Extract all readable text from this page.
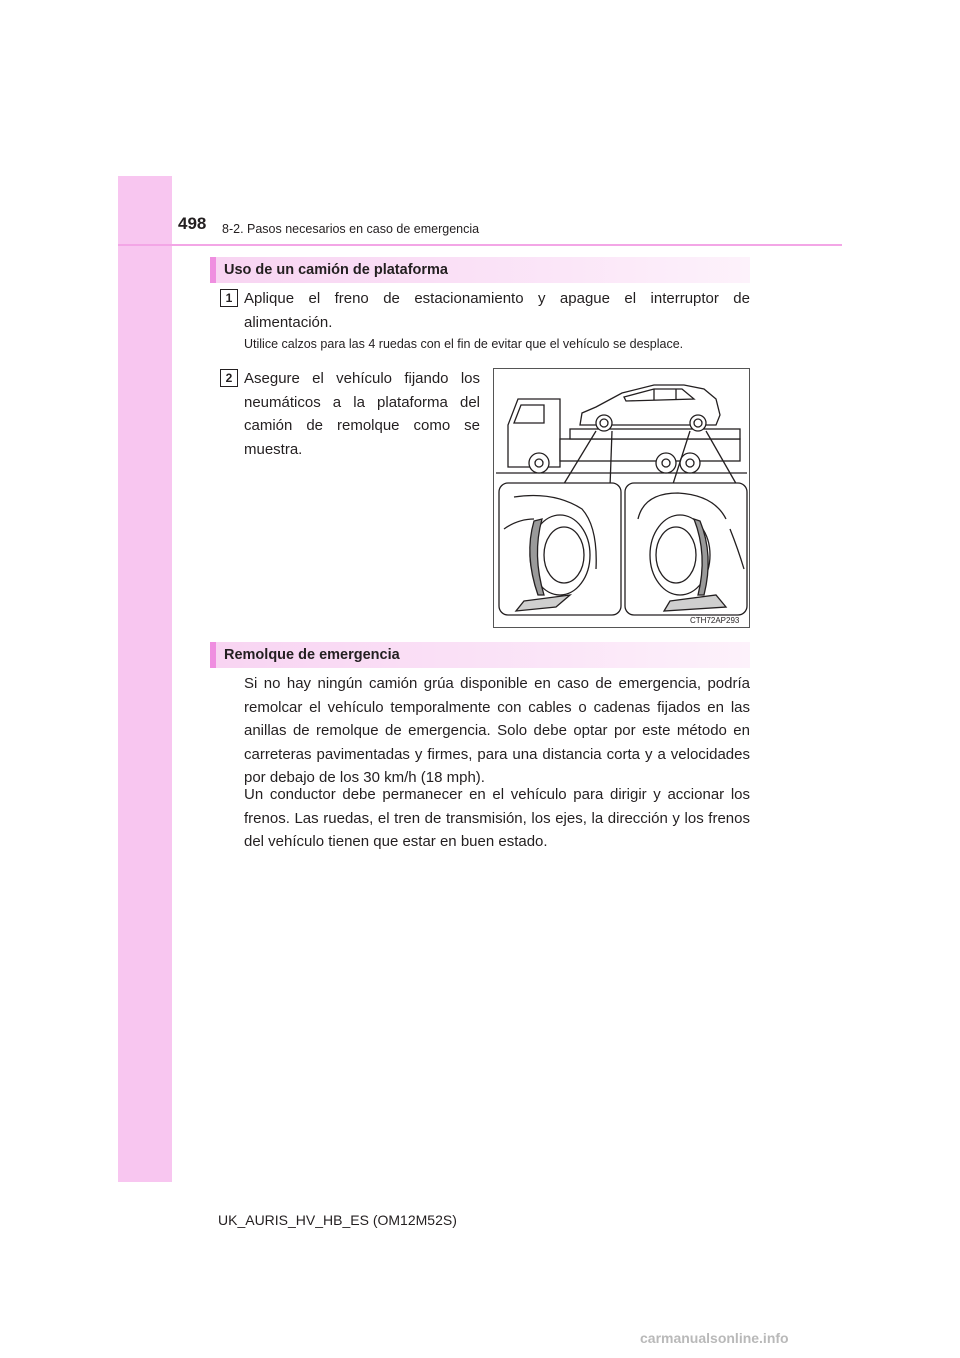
498 8-2. Pasos necesarios en caso de emergencia
Uso de un camión de plataforma
1 Aplique el freno de estacionamiento y apague el interruptor de alimentación.
Utilice calzos para las 4 ruedas con el fin de evitar que el vehículo se desplace.
2 Asegure el vehículo fijando los neumáticos a la plataforma del camión de remolque como se muestra.
CTH72AP293
Remolque de emergencia
Si no hay ningún camión grúa disponible en caso de emergencia, podría remolcar el vehículo temporalmente con cables o cadenas fijados en las anillas de remolque de emergencia. Solo debe optar por este método en carreteras pavimentadas y firmes, para una distancia corta y a velocidades por debajo de los 30 km/h (18 mph).
Un conductor debe permanecer en el vehículo para dirigir y accionar los frenos. Las ruedas, el tren de transmisión, los ejes, la dirección y los frenos del vehículo tienen que estar en buen estado.
UK_AURIS_HV_HB_ES (OM12M52S)
carmanualsonline.info
